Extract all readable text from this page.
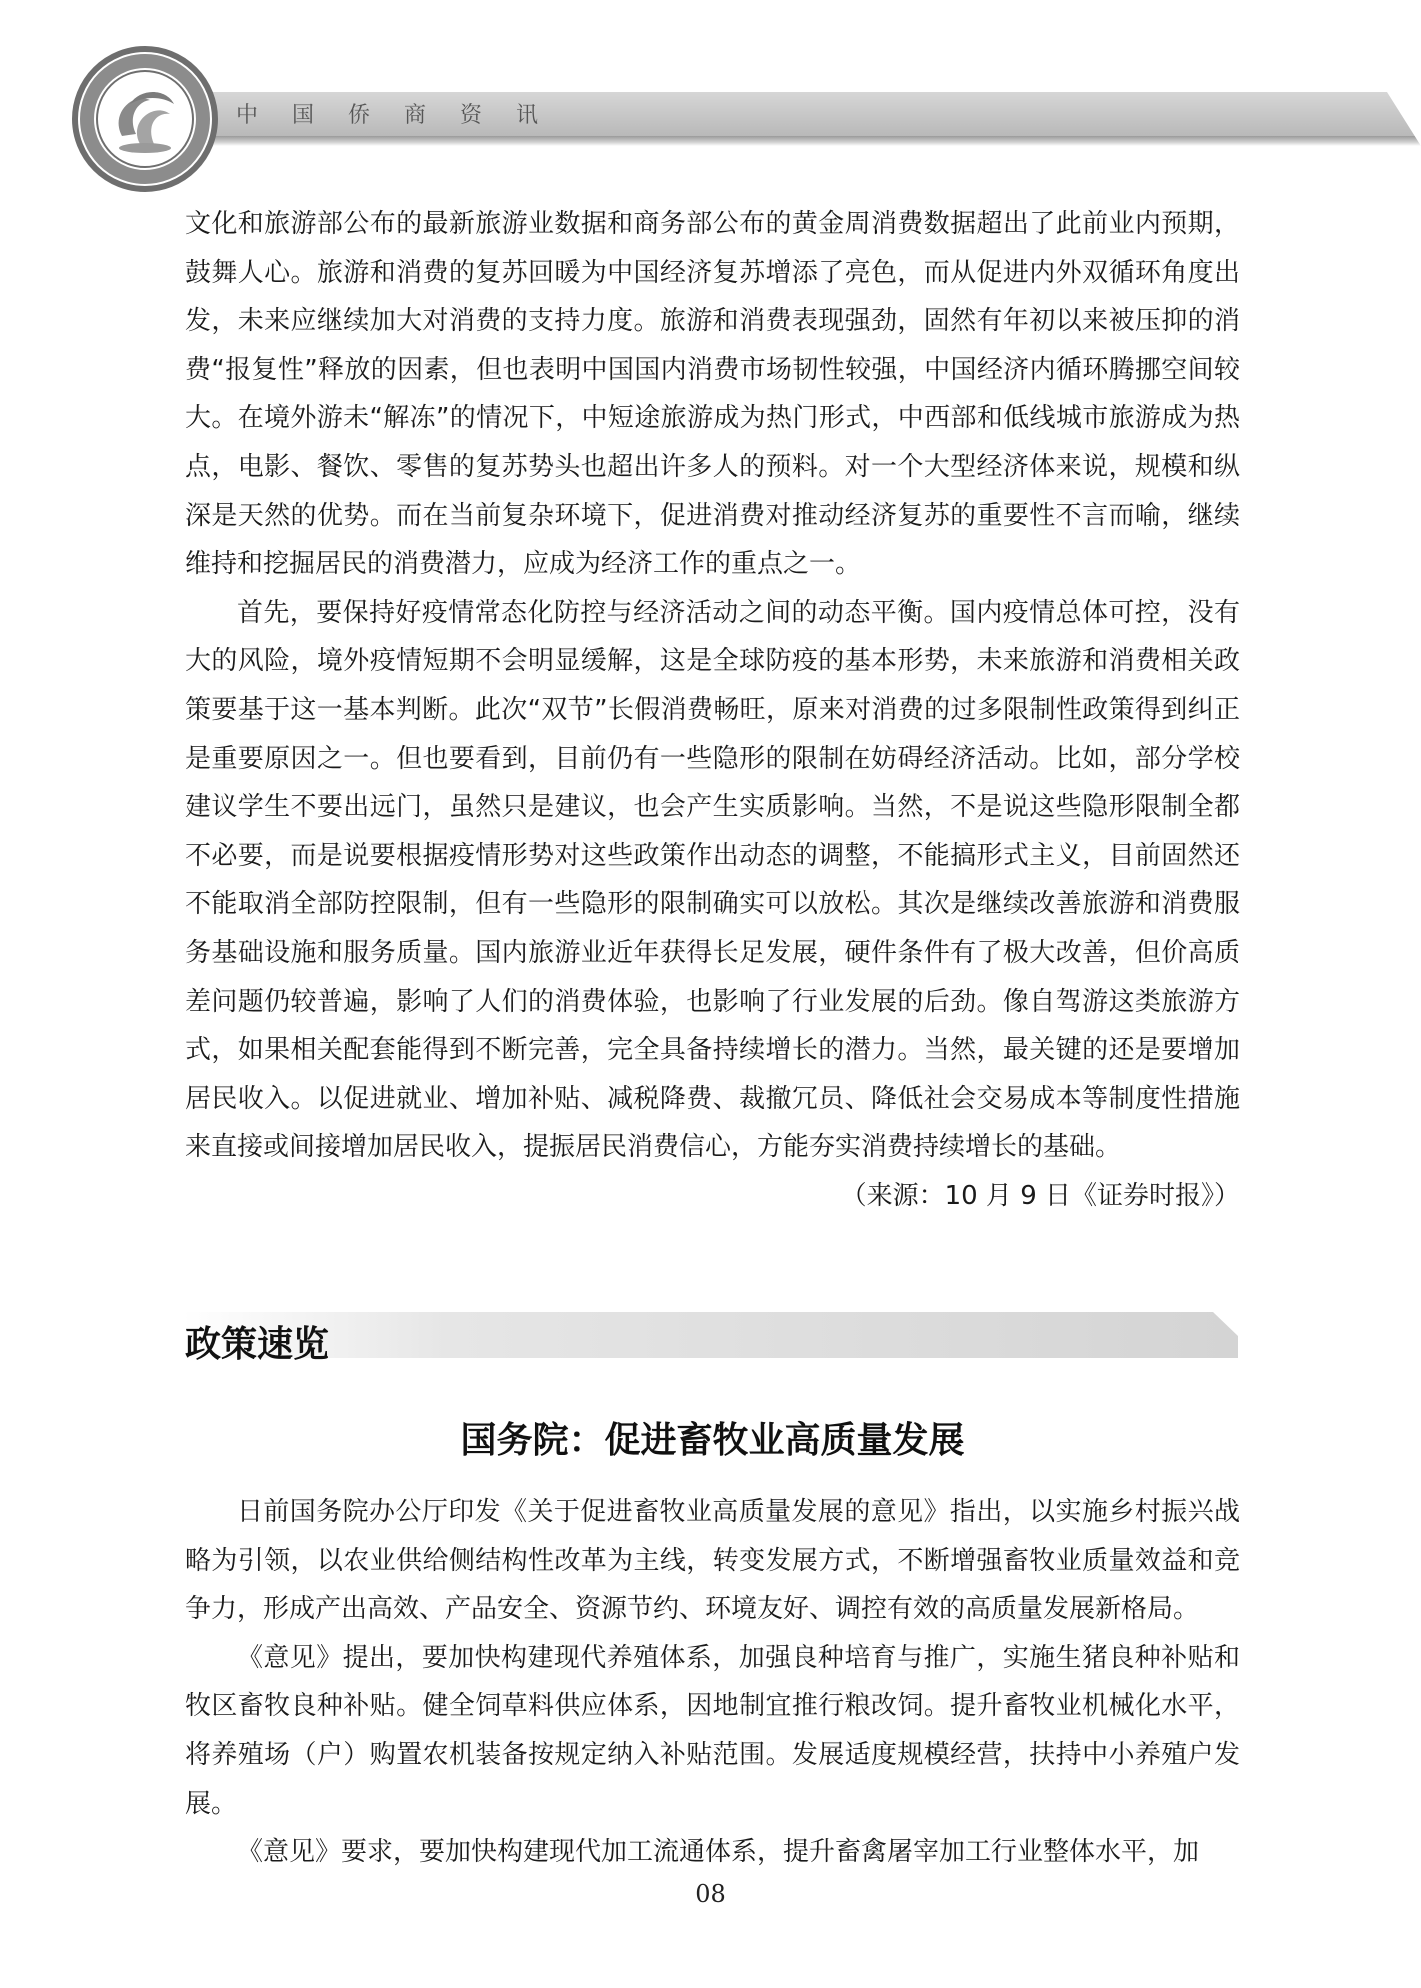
中国侨商资讯

文化和旅游部公布的最新旅游业数据和商务部公布的黄金周消费数据超出了此前业内预期，鼓舞人心。旅游和消费的复苏回暖为中国经济复苏增添了亮色，而从促进内外双循环角度出发，未来应继续加大对消费的支持力度。旅游和消费表现强劲，固然有年初以来被压抑的消费“报复性”释放的因素，但也表明中国国内消费市场韧性较强，中国经济内循环腾挪空间较大。在境外游未“解冻”的情况下，中短途旅游成为热门形式，中西部和低线城市旅游成为热点，电影、餐饮、零售的复苏势头也超出许多人的预料。对一个大型经济体来说，规模和纵深是天然的优势。而在当前复杂环境下，促进消费对推动经济复苏的重要性不言而喻，继续维持和挖掘居民的消费潜力，应成为经济工作的重点之一。

首先，要保持好疫情常态化防控与经济活动之间的动态平衡。国内疫情总体可控，没有大的风险，境外疫情短期不会明显缓解，这是全球防疫的基本形势，未来旅游和消费相关政策要基于这一基本判断。此次“双节”长假消费畅旺，原来对消费的过多限制性政策得到纠正是重要原因之一。但也要看到，目前仍有一些隐形的限制在妨碍经济活动。比如，部分学校建议学生不要出远门，虽然只是建议，也会产生实质影响。当然，不是说这些隐形限制全都不必要，而是说要根据疫情形势对这些政策作出动态的调整，不能搞形式主义，目前固然还不能取消全部防控限制，但有一些隐形的限制确实可以放松。其次是继续改善旅游和消费服务基础设施和服务质量。国内旅游业近年获得长足发展，硬件条件有了极大改善，但价高质差问题仍较普遍，影响了人们的消费体验，也影响了行业发展的后劲。像自驾游这类旅游方式，如果相关配套能得到不断完善，完全具备持续增长的潜力。当然，最关键的还是要增加居民收入。以促进就业、增加补贴、减税降费、裁撤冗员、降低社会交易成本等制度性措施来直接或间接增加居民收入，提振居民消费信心，方能夯实消费持续增长的基础。

（来源：10 月 9 日《证券时报》）

政策速览
国务院：促进畜牧业高质量发展

日前国务院办公厅印发《关于促进畜牧业高质量发展的意见》指出，以实施乡村振兴战略为引领，以农业供给侧结构性改革为主线，转变发展方式，不断增强畜牧业质量效益和竞争力，形成产出高效、产品安全、资源节约、环境友好、调控有效的高质量发展新格局。

《意见》提出，要加快构建现代养殖体系，加强良种培育与推广，实施生猪良种补贴和牧区畜牧良种补贴。健全饲草料供应体系，因地制宜推行粮改饲。提升畜牧业机械化水平，将养殖场（户）购置农机装备按规定纳入补贴范围。发展适度规模经营，扶持中小养殖户发展。

《意见》要求，要加快构建现代加工流通体系，提升畜禽屠宰加工行业整体水平，加

08
